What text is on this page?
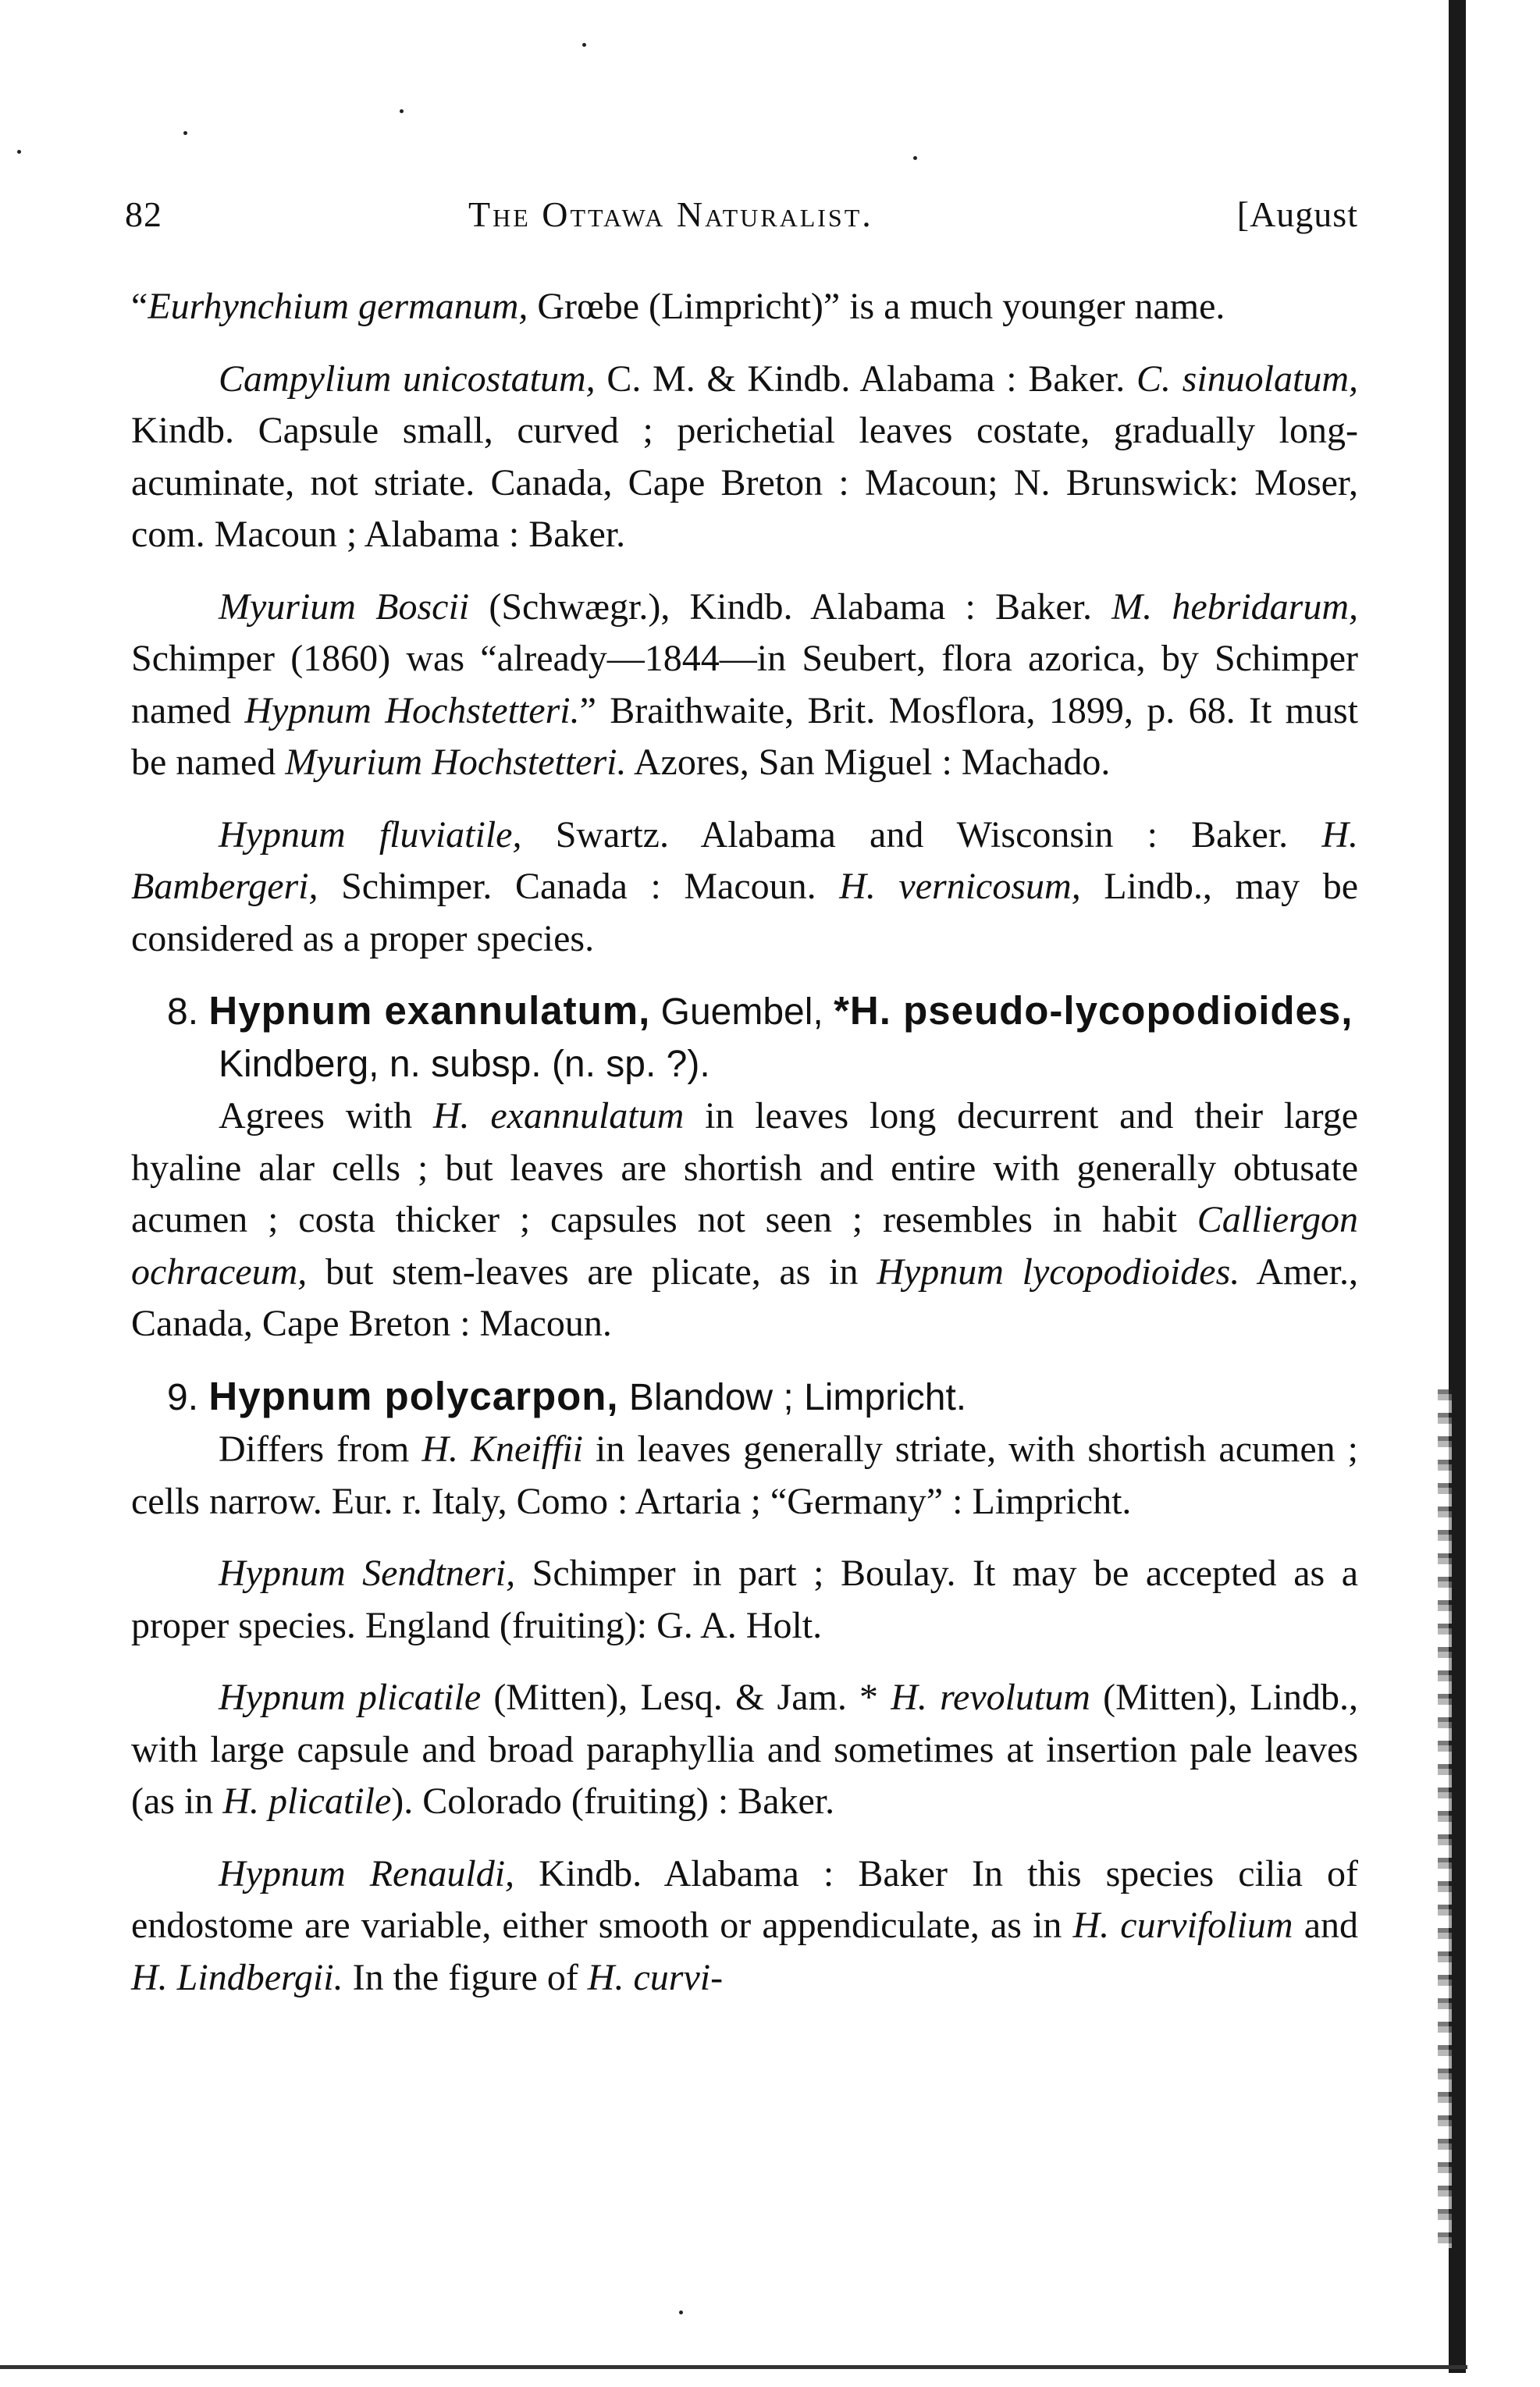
82	The Ottawa Naturalist.	[August

“Eurhynchium germanum, Grœbe (Limpricht)” is a much younger name.

Campylium unicostatum, C. M. & Kindb. Alabama : Baker. C. sinuolatum, Kindb. Capsule small, curved ; perichetial leaves costate, gradually long-acuminate, not striate. Canada, Cape Breton : Macoun; N. Brunswick: Moser, com. Macoun ; Alabama : Baker.

Myurium Boscii (Schwægr.), Kindb. Alabama : Baker. M. hebridarum, Schimper (1860) was “already—1844—in Seubert, flora azorica, by Schimper named Hypnum Hochstetteri.” Braithwaite, Brit. Mosflora, 1899, p. 68. It must be named Myurium Hochstetteri. Azores, San Miguel : Machado.

Hypnum fluviatile, Swartz. Alabama and Wisconsin : Baker. H. Bambergeri, Schimper. Canada : Macoun. H. vernicosum, Lindb., may be considered as a proper species.

8. Hypnum exannulatum, Guembel, *H. pseudo-lycopodioides, Kindberg, n. subsp. (n. sp. ?).

Agrees with H. exannulatum in leaves long decurrent and their large hyaline alar cells ; but leaves are shortish and entire with generally obtusate acumen ; costa thicker ; capsules not seen ; resembles in habit Calliergon ochraceum, but stem-leaves are plicate, as in Hypnum lycopodioides. Amer., Canada, Cape Breton : Macoun.

9. Hypnum polycarpon, Blandow ; Limpricht.

Differs from H. Kneiffii in leaves generally striate, with shortish acumen ; cells narrow. Eur. r. Italy, Como : Artaria ; “Germany” : Limpricht.

Hypnum Sendtneri, Schimper in part ; Boulay. It may be accepted as a proper species. England (fruiting): G. A. Holt.

Hypnum plicatile (Mitten), Lesq. & Jam. * H. revolutum (Mitten), Lindb., with large capsule and broad paraphyllia and sometimes at insertion pale leaves (as in H. plicatile). Colorado (fruiting) : Baker.

Hypnum Renauldi, Kindb. Alabama : Baker In this species cilia of endostome are variable, either smooth or appendiculate, as in H. curvifolium and H. Lindbergii. In the figure of H. curvi-
